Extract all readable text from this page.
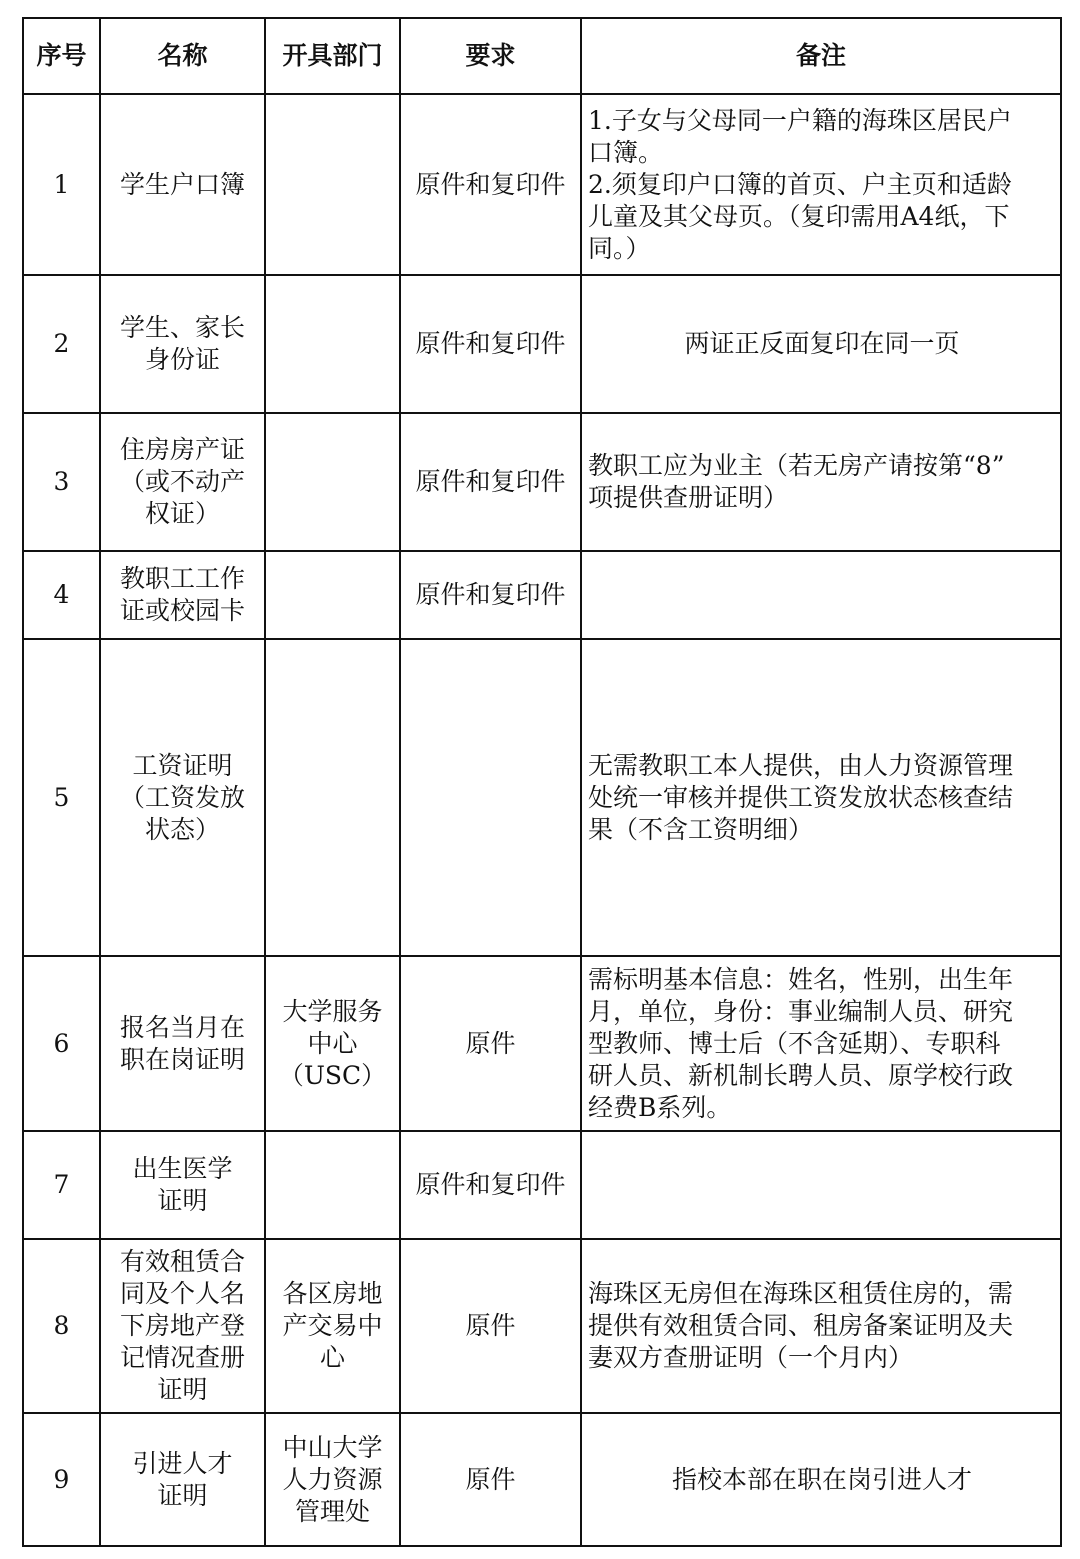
序号	名称	开具部门	要求	备注
1	学生户口簿		原件和复印件	1.子女与父母同一户籍的海珠区居民户
口簿。
2.须复印户口簿的首页、户主页和适龄
儿童及其父母页。（复印需用A4纸，下
同。）

2	学生、家长
身份证		原件和复印件	两证正反面复印在同一页

3	住房房产证
（或不动产
权证）		原件和复印件	教职工应为业主（若无房产请按第“8”
项提供查册证明）

4	教职工工作
证或校园卡		原件和复印件	
5	工资证明
（工资发放
状态）			无需教职工本人提供，由人力资源管理
处统一审核并提供工资发放状态核查结
果（不含工资明细）

6	报名当月在
职在岗证明	大学服务
中心
（USC）	原件	需标明基本信息：姓名，性别，出生年
月，单位，身份：事业编制人员、研究
型教师、博士后（不含延期）、专职科
研人员、新机制长聘人员、原学校行政
经费B系列。

7	出生医学
证明		原件和复印件	
8	有效租赁合
同及个人名
下房地产登
记情况查册
证明	各区房地
产交易中
心	原件	海珠区无房但在海珠区租赁住房的，需
提供有效租赁合同、租房备案证明及夫
妻双方查册证明（一个月内）

9	引进人才
证明	中山大学
人力资源
管理处	原件	指校本部在职在岗引进人才
